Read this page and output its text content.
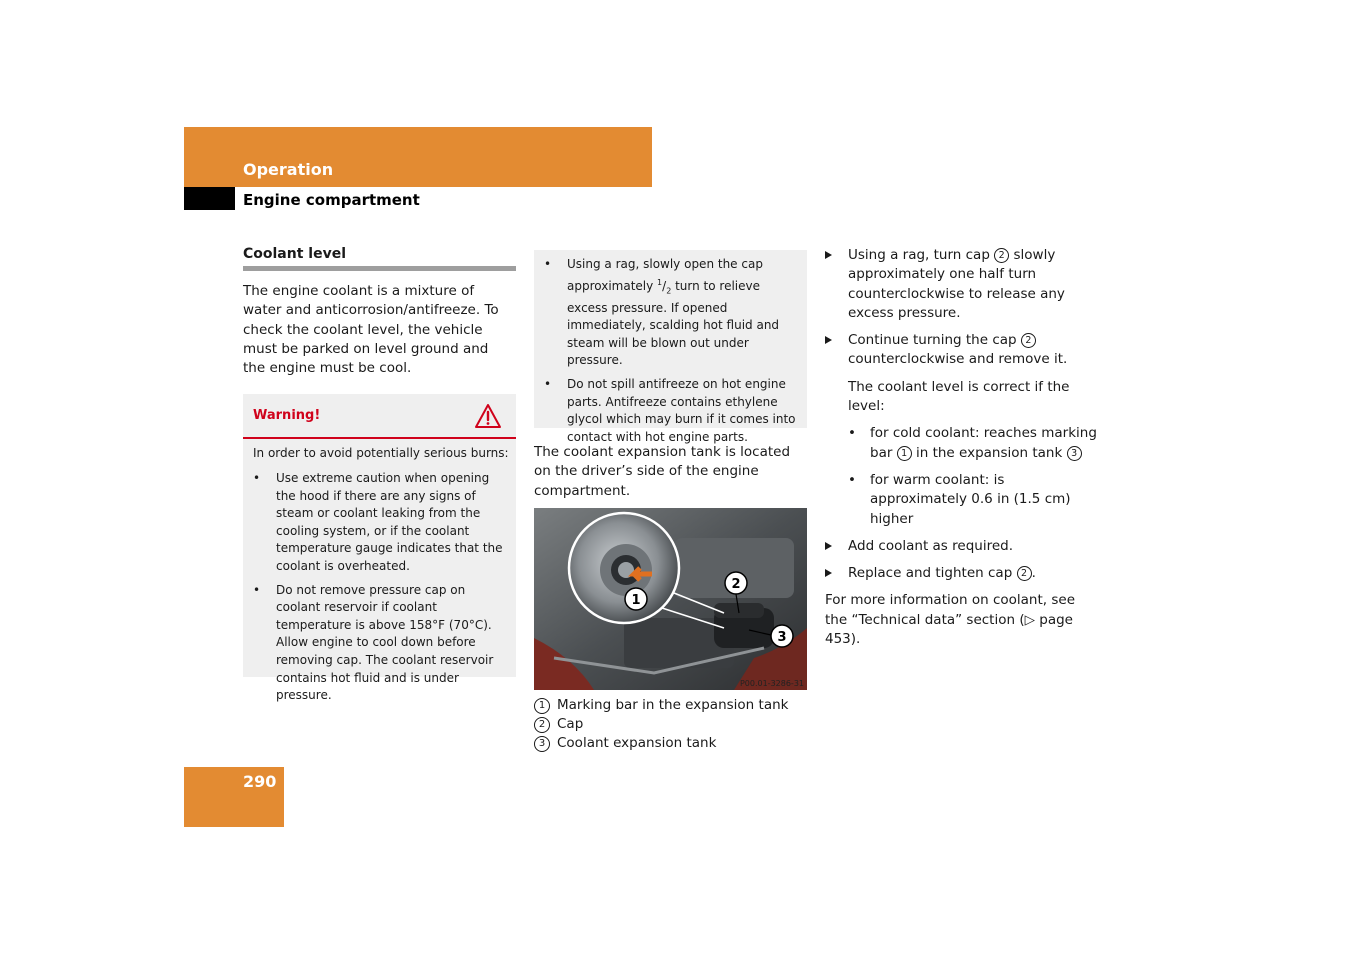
Operation
Engine compartment
Coolant level
The engine coolant is a mixture of water and anticorrosion/antifreeze. To check the coolant level, the vehicle must be parked on level ground and the engine must be cool.
Warning!
In order to avoid potentially serious burns:
•	Use extreme caution when opening the hood if there are any signs of steam or coolant leaking from the cooling system, or if the coolant temperature gauge indicates that the coolant is overheated.
•	Do not remove pressure cap on coolant reservoir if coolant temperature is above 158°F (70°C). Allow engine to cool down before removing cap. The coolant reservoir contains hot fluid and is under pressure.
•	Using a rag, slowly open the cap approximately $^1/_2$ turn to relieve excess pressure. If opened immediately, scalding hot fluid and steam will be blown out under pressure.
•	Do not spill antifreeze on hot engine parts. Antifreeze contains ethylene glycol which may burn if it comes into contact with hot engine parts.
The coolant expansion tank is located on the driver’s side of the engine compartment.
1
2
3
P00.01-3286-31
1 Marking bar in the expansion tank
2 Cap
3 Coolant expansion tank
Using a rag, turn cap 2 slowly approximately one half turn counterclockwise to release any excess pressure.
Continue turning the cap 2 counterclockwise and remove it.
The coolant level is correct if the level:
• for cold coolant: reaches marking bar 1 in the expansion tank 3
• for warm coolant: is approximately 0.6 in (1.5 cm) higher
Add coolant as required.
Replace and tighten cap 2 .
For more information on coolant, see the “Technical data” section (▷ page 453).
290
